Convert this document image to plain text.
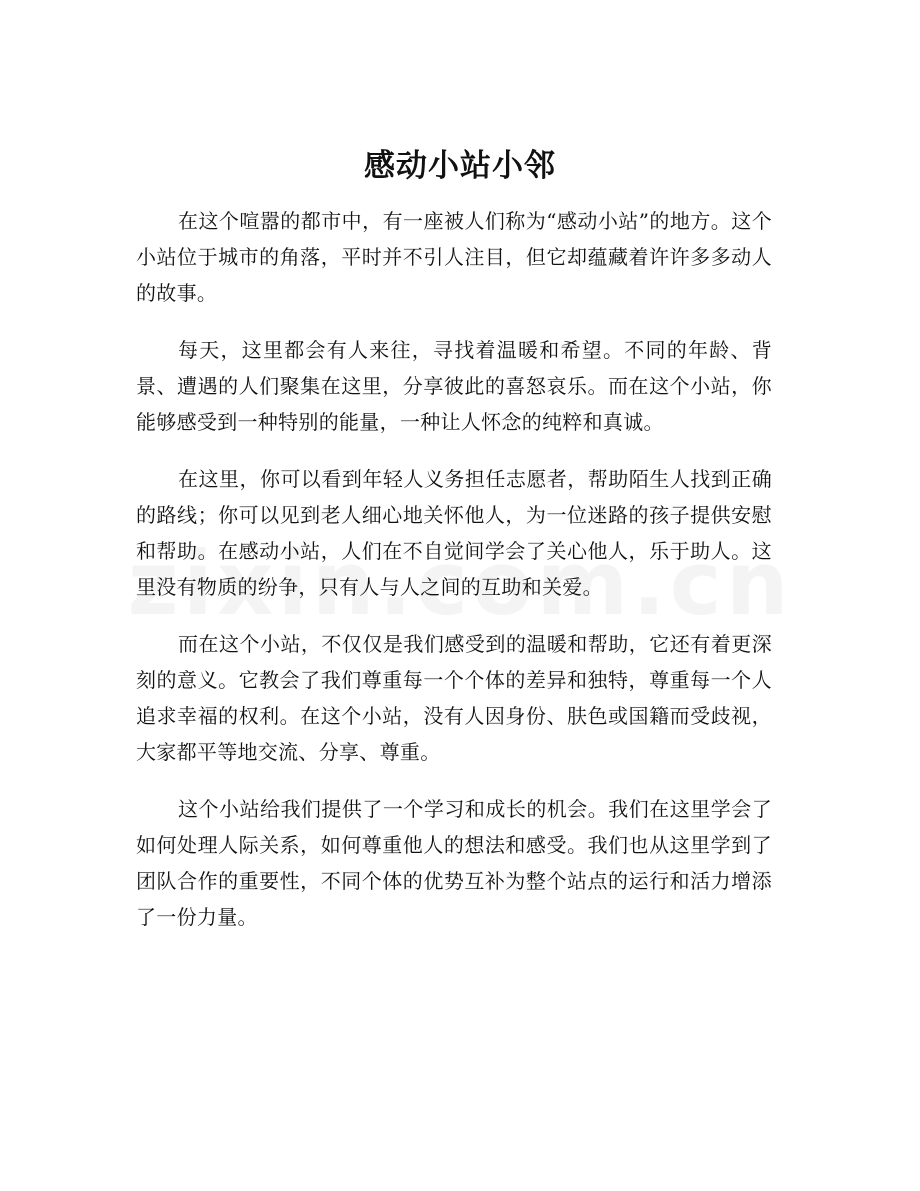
感动小站小邻

在这个喧嚣的都市中，有一座被人们称为“感动小站”的地方。这个小站位于城市的角落，平时并不引人注目，但它却蕴藏着许许多多动人的故事。

每天，这里都会有人来往，寻找着温暖和希望。不同的年龄、背景、遭遇的人们聚集在这里，分享彼此的喜怒哀乐。而在这个小站，你能够感受到一种特别的能量，一种让人怀念的纯粹和真诚。

在这里，你可以看到年轻人义务担任志愿者，帮助陌生人找到正确的路线；你可以见到老人细心地关怀他人，为一位迷路的孩子提供安慰和帮助。在感动小站，人们在不自觉间学会了关心他人，乐于助人。这里没有物质的纷争，只有人与人之间的互助和关爱。

而在这个小站，不仅仅是我们感受到的温暖和帮助，它还有着更深刻的意义。它教会了我们尊重每一个个体的差异和独特，尊重每一个人追求幸福的权利。在这个小站，没有人因身份、肤色或国籍而受歧视，大家都平等地交流、分享、尊重。

这个小站给我们提供了一个学习和成长的机会。我们在这里学会了如何处理人际关系，如何尊重他人的想法和感受。我们也从这里学到了团队合作的重要性，不同个体的优势互补为整个站点的运行和活力增添了一份力量。
